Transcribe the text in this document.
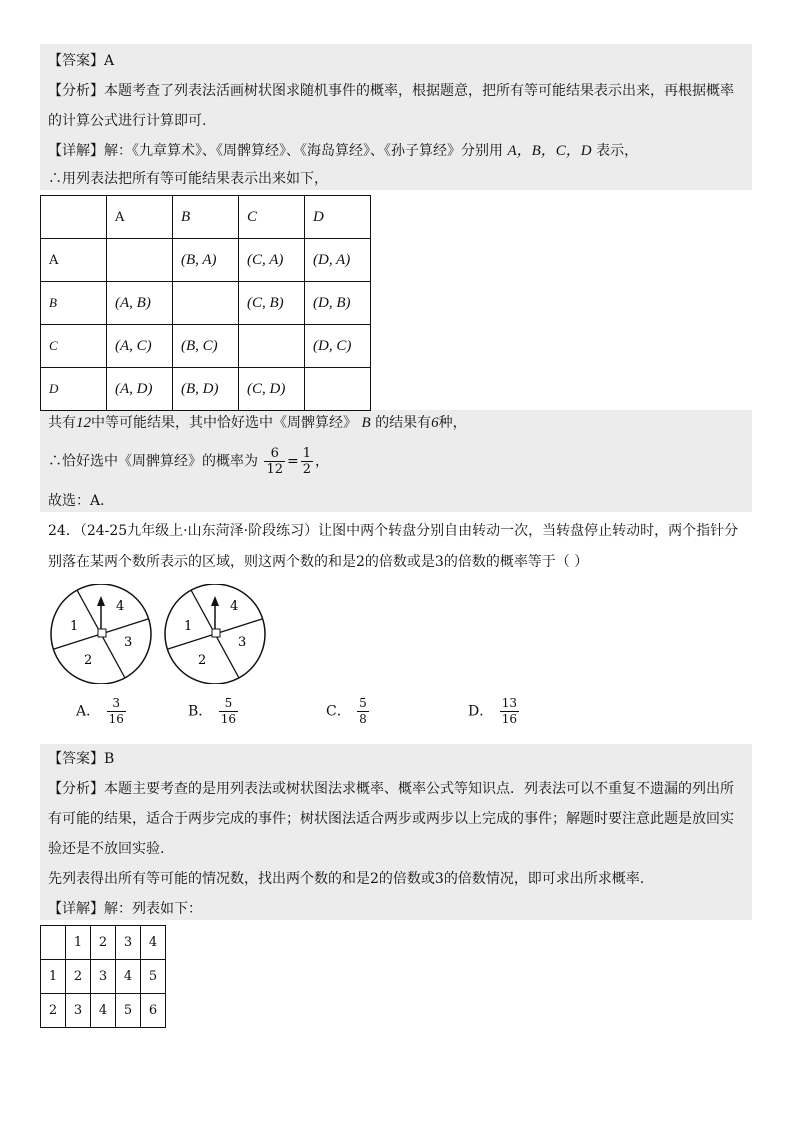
【答案】A
【分析】本题考查了列表法活画树状图求随机事件的概率，根据题意，把所有等可能结果表示出来，再根据概率
的计算公式进行计算即可.
【详解】解：《九章算术》、《周髀算经》、《海岛算经》、《孙子算经》分别用 A，B，C，D 表示，
∴用列表法把所有等可能结果表示出来如下，
	A	B	C	D
A		(B, A)	(C, A)	(D, A)
B	(A, B)		(C, B)	(D, B)
C	(A, C)	(B, C)		(D, C)
D	(A, D)	(B, D)	(C, D)	
共有12中等可能结果，其中恰好选中《周髀算经》 B 的结果有6种，
∴恰好选中《周髀算经》的概率为 $\frac{6}{12} = \frac{1}{2}$ ，
故选：A．
24．（24-25九年级上·山东菏泽·阶段练习）让图中两个转盘分别自由转动一次，当转盘停止转动时，两个指针分
别落在某两个数所表示的区域，则这两个数的和是2的倍数或是3的倍数的概率等于（ ）
4
1
3
2
4
1
3
2
A． $\frac{3}{16}$	B． $\frac{5}{16}$	C． $\frac{5}{8}$	D． $\frac{13}{16}$
【答案】B
【分析】本题主要考查的是用列表法或树状图法求概率、概率公式等知识点．列表法可以不重复不遗漏的列出所
有可能的结果，适合于两步完成的事件；树状图法适合两步或两步以上完成的事件；解题时要注意此题是放回实
验还是不放回实验.
先列表得出所有等可能的情况数，找出两个数的和是2的倍数或3的倍数情况，即可求出所求概率.
【详解】解：列表如下：
	1	2	3	4
1	2	3	4	5
2	3	4	5	6
